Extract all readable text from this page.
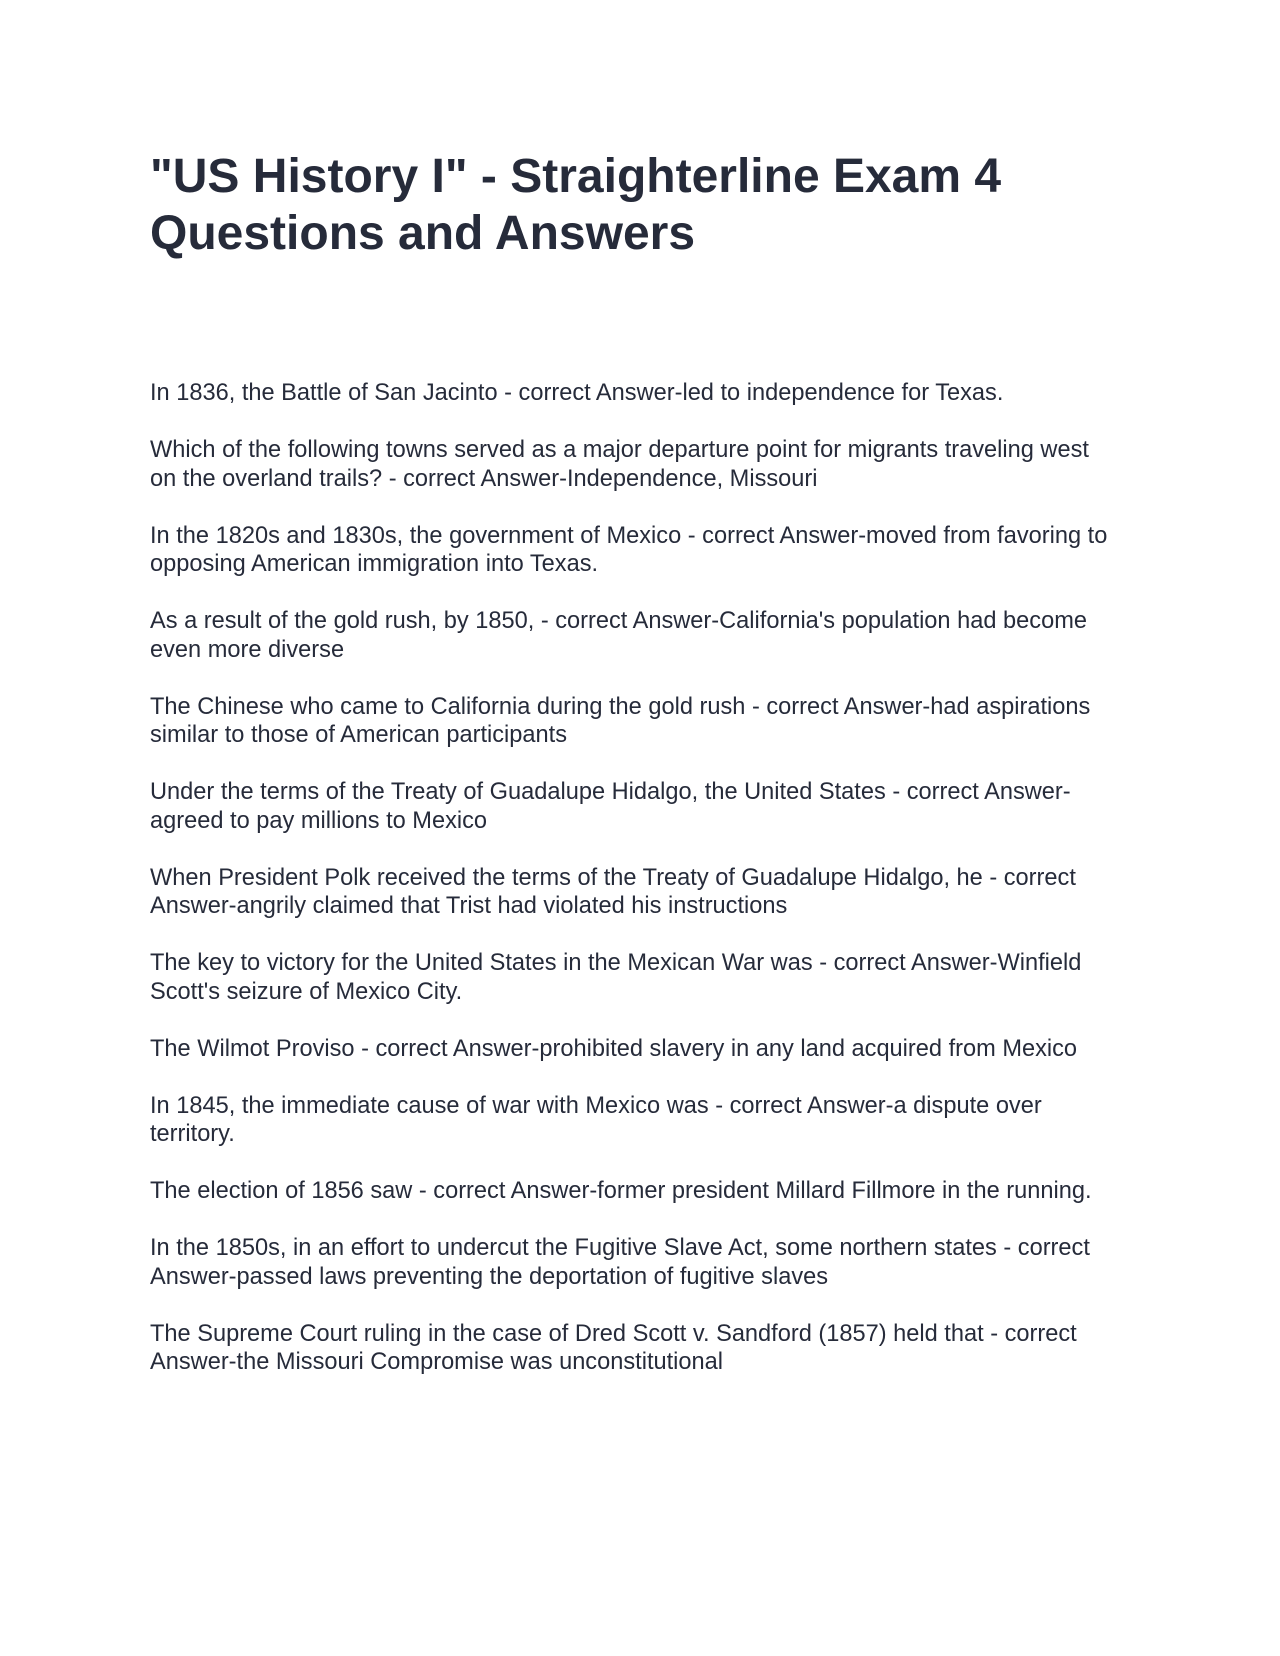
"US History I" - Straighterline Exam 4 Questions and Answers

In 1836, the Battle of San Jacinto - correct Answer-led to independence for Texas.

Which of the following towns served as a major departure point for migrants traveling west on the overland trails? - correct Answer-Independence, Missouri

In the 1820s and 1830s, the government of Mexico - correct Answer-moved from favoring to opposing American immigration into Texas.

As a result of the gold rush, by 1850, - correct Answer-California's population had become even more diverse

The Chinese who came to California during the gold rush - correct Answer-had aspirations similar to those of American participants

Under the terms of the Treaty of Guadalupe Hidalgo, the United States - correct Answer-agreed to pay millions to Mexico

When President Polk received the terms of the Treaty of Guadalupe Hidalgo, he - correct Answer-angrily claimed that Trist had violated his instructions

The key to victory for the United States in the Mexican War was - correct Answer-Winfield Scott's seizure of Mexico City.

The Wilmot Proviso - correct Answer-prohibited slavery in any land acquired from Mexico

In 1845, the immediate cause of war with Mexico was - correct Answer-a dispute over territory.

The election of 1856 saw - correct Answer-former president Millard Fillmore in the running.

In the 1850s, in an effort to undercut the Fugitive Slave Act, some northern states - correct Answer-passed laws preventing the deportation of fugitive slaves

The Supreme Court ruling in the case of Dred Scott v. Sandford (1857) held that - correct Answer-the Missouri Compromise was unconstitutional
